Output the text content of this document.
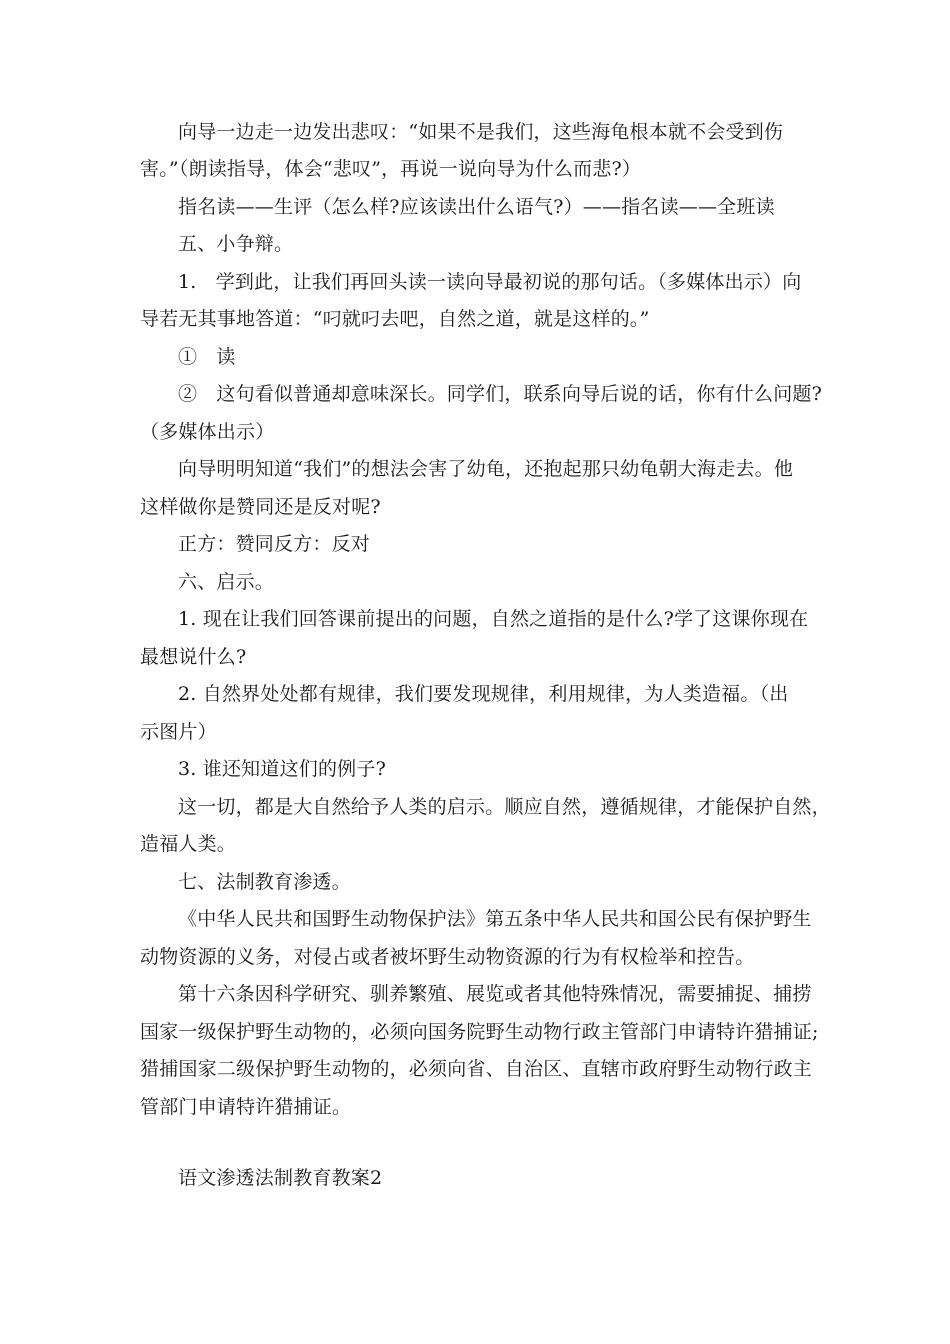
向导一边走一边发出悲叹：“如果不是我们，这些海龟根本就不会受到伤
害。”（朗读指导，体会“悲叹”，再说一说向导为什么而悲?）
指名读——生评（怎么样?应该读出什么语气?）——指名读——全班读
五、小争辩。
1.　学到此，让我们再回头读一读向导最初说的那句话。（多媒体出示）向
导若无其事地答道：“叼就叼去吧，自然之道，就是这样的。”
①　读
②　这句看似普通却意味深长。同学们，联系向导后说的话，你有什么问题?
（多媒体出示）
向导明明知道“我们”的想法会害了幼龟，还抱起那只幼龟朝大海走去。他
这样做你是赞同还是反对呢?
正方：赞同反方：反对
六、启示。
1. 现在让我们回答课前提出的问题，自然之道指的是什么?学了这课你现在
最想说什么?
2. 自然界处处都有规律，我们要发现规律，利用规律，为人类造福。（出
示图片）
3. 谁还知道这们的例子?
这一切，都是大自然给予人类的启示。顺应自然，遵循规律，才能保护自然，
造福人类。
七、法制教育渗透。
《中华人民共和国野生动物保护法》第五条中华人民共和国公民有保护野生
动物资源的义务，对侵占或者被坏野生动物资源的行为有权检举和控告。
第十六条因科学研究、驯养繁殖、展览或者其他特殊情况，需要捕捉、捕捞
国家一级保护野生动物的，必须向国务院野生动物行政主管部门申请特许猎捕证;
猎捕国家二级保护野生动物的，必须向省、自治区、直辖市政府野生动物行政主
管部门申请特许猎捕证。
语文渗透法制教育教案2
